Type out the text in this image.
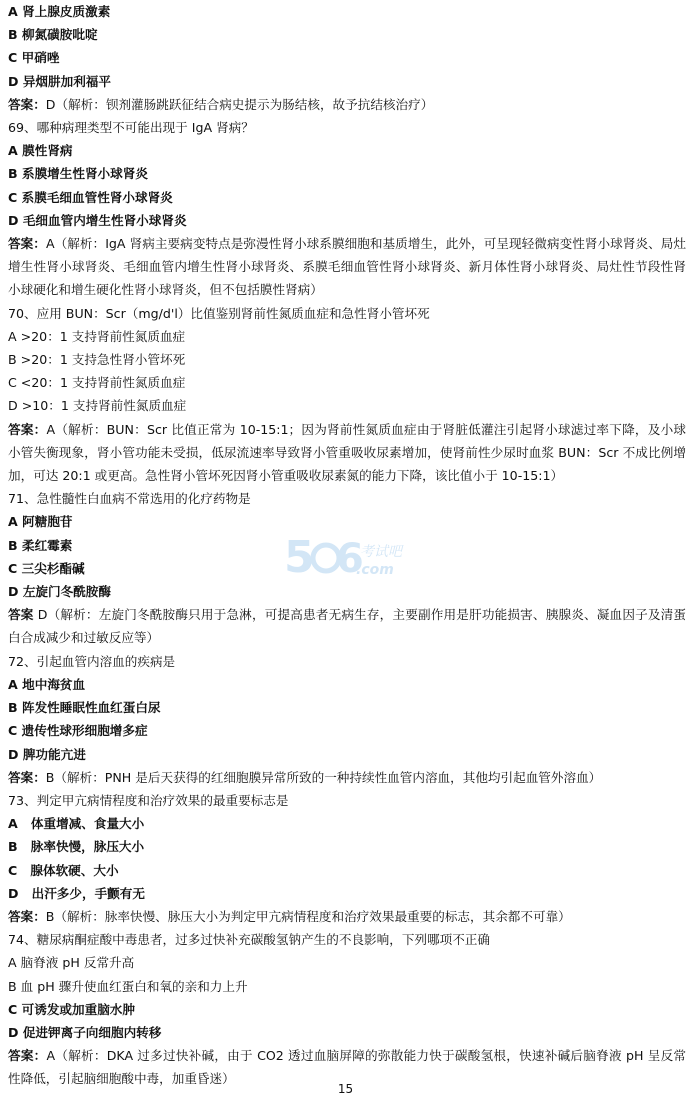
A 肾上腺皮质激素
B 柳氮磺胺吡啶
C 甲硝唑
D 异烟肼加利福平
答案：D（解析：钡剂灌肠跳跃征结合病史提示为肠结核，故予抗结核治疗）
69、哪种病理类型不可能出现于 IgA 肾病？
A 膜性肾病
B 系膜增生性肾小球肾炎
C 系膜毛细血管性肾小球肾炎
D 毛细血管内增生性肾小球肾炎
答案：A（解析：IgA 肾病主要病变特点是弥漫性肾小球系膜细胞和基质增生，此外，可呈现轻微病变性肾小球肾炎、局灶增生性肾小球肾炎、毛细血管内增生性肾小球肾炎、系膜毛细血管性肾小球肾炎、新月体性肾小球肾炎、局灶性节段性肾小球硬化和增生硬化性肾小球肾炎，但不包括膜性肾病）
70、应用 BUN：Scr（mg/d'l）比值鉴别肾前性氮质血症和急性肾小管坏死
A >20：1 支持肾前性氮质血症
B >20：1 支持急性肾小管坏死
C <20：1 支持肾前性氮质血症
D >10：1 支持肾前性氮质血症
答案：A（解析：BUN：Scr 比值正常为 10-15:1；因为肾前性氮质血症由于肾脏低灌注引起肾小球滤过率下降，及小球小管失衡现象，肾小管功能未受损，低尿流速率导致肾小管重吸收尿素增加，使肾前性少尿时血浆 BUN：Scr 不成比例增加，可达 20:1 或更高。急性肾小管坏死因肾小管重吸收尿素氮的能力下降，该比值小于 10-15:1）
71、急性髓性白血病不常选用的化疗药物是
A 阿糖胞苷
B 柔红霉素
C 三尖杉酯碱
D 左旋门冬酰胺酶
答案 D（解析：左旋门冬酰胺酶只用于急淋，可提高患者无病生存，主要副作用是肝功能损害、胰腺炎、凝血因子及清蛋白合成减少和过敏反应等）
72、引起血管内溶血的疾病是
A 地中海贫血
B 阵发性睡眠性血红蛋白尿
C 遗传性球形细胞增多症
D 脾功能亢进
答案：B（解析：PNH 是后天获得的红细胞膜异常所致的一种持续性血管内溶血，其他均引起血管外溶血）
73、判定甲亢病情程度和治疗效果的最重要标志是
A   体重增减、食量大小
B   脉率快慢，脉压大小
C   腺体软硬、大小
D   出汗多少，手颤有无
答案：B（解析：脉率快慢、脉压大小为判定甲亢病情程度和治疗效果最重要的标志，其余都不可靠）
74、糖尿病酮症酸中毒患者，过多过快补充碳酸氢钠产生的不良影响，下列哪项不正确
A 脑脊液 pH 反常升高
B 血 pH 骤升使血红蛋白和氧的亲和力上升
C 可诱发或加重脑水肿
D 促进钾离子向细胞内转移
答案：A（解析：DKA 过多过快补碱，由于 CO2 透过血脑屏障的弥散能力快于碳酸氢根，快速补碱后脑脊液 pH 呈反常性降低，引起脑细胞酸中毒，加重昏迷）
5 6
考试吧
.com
15
